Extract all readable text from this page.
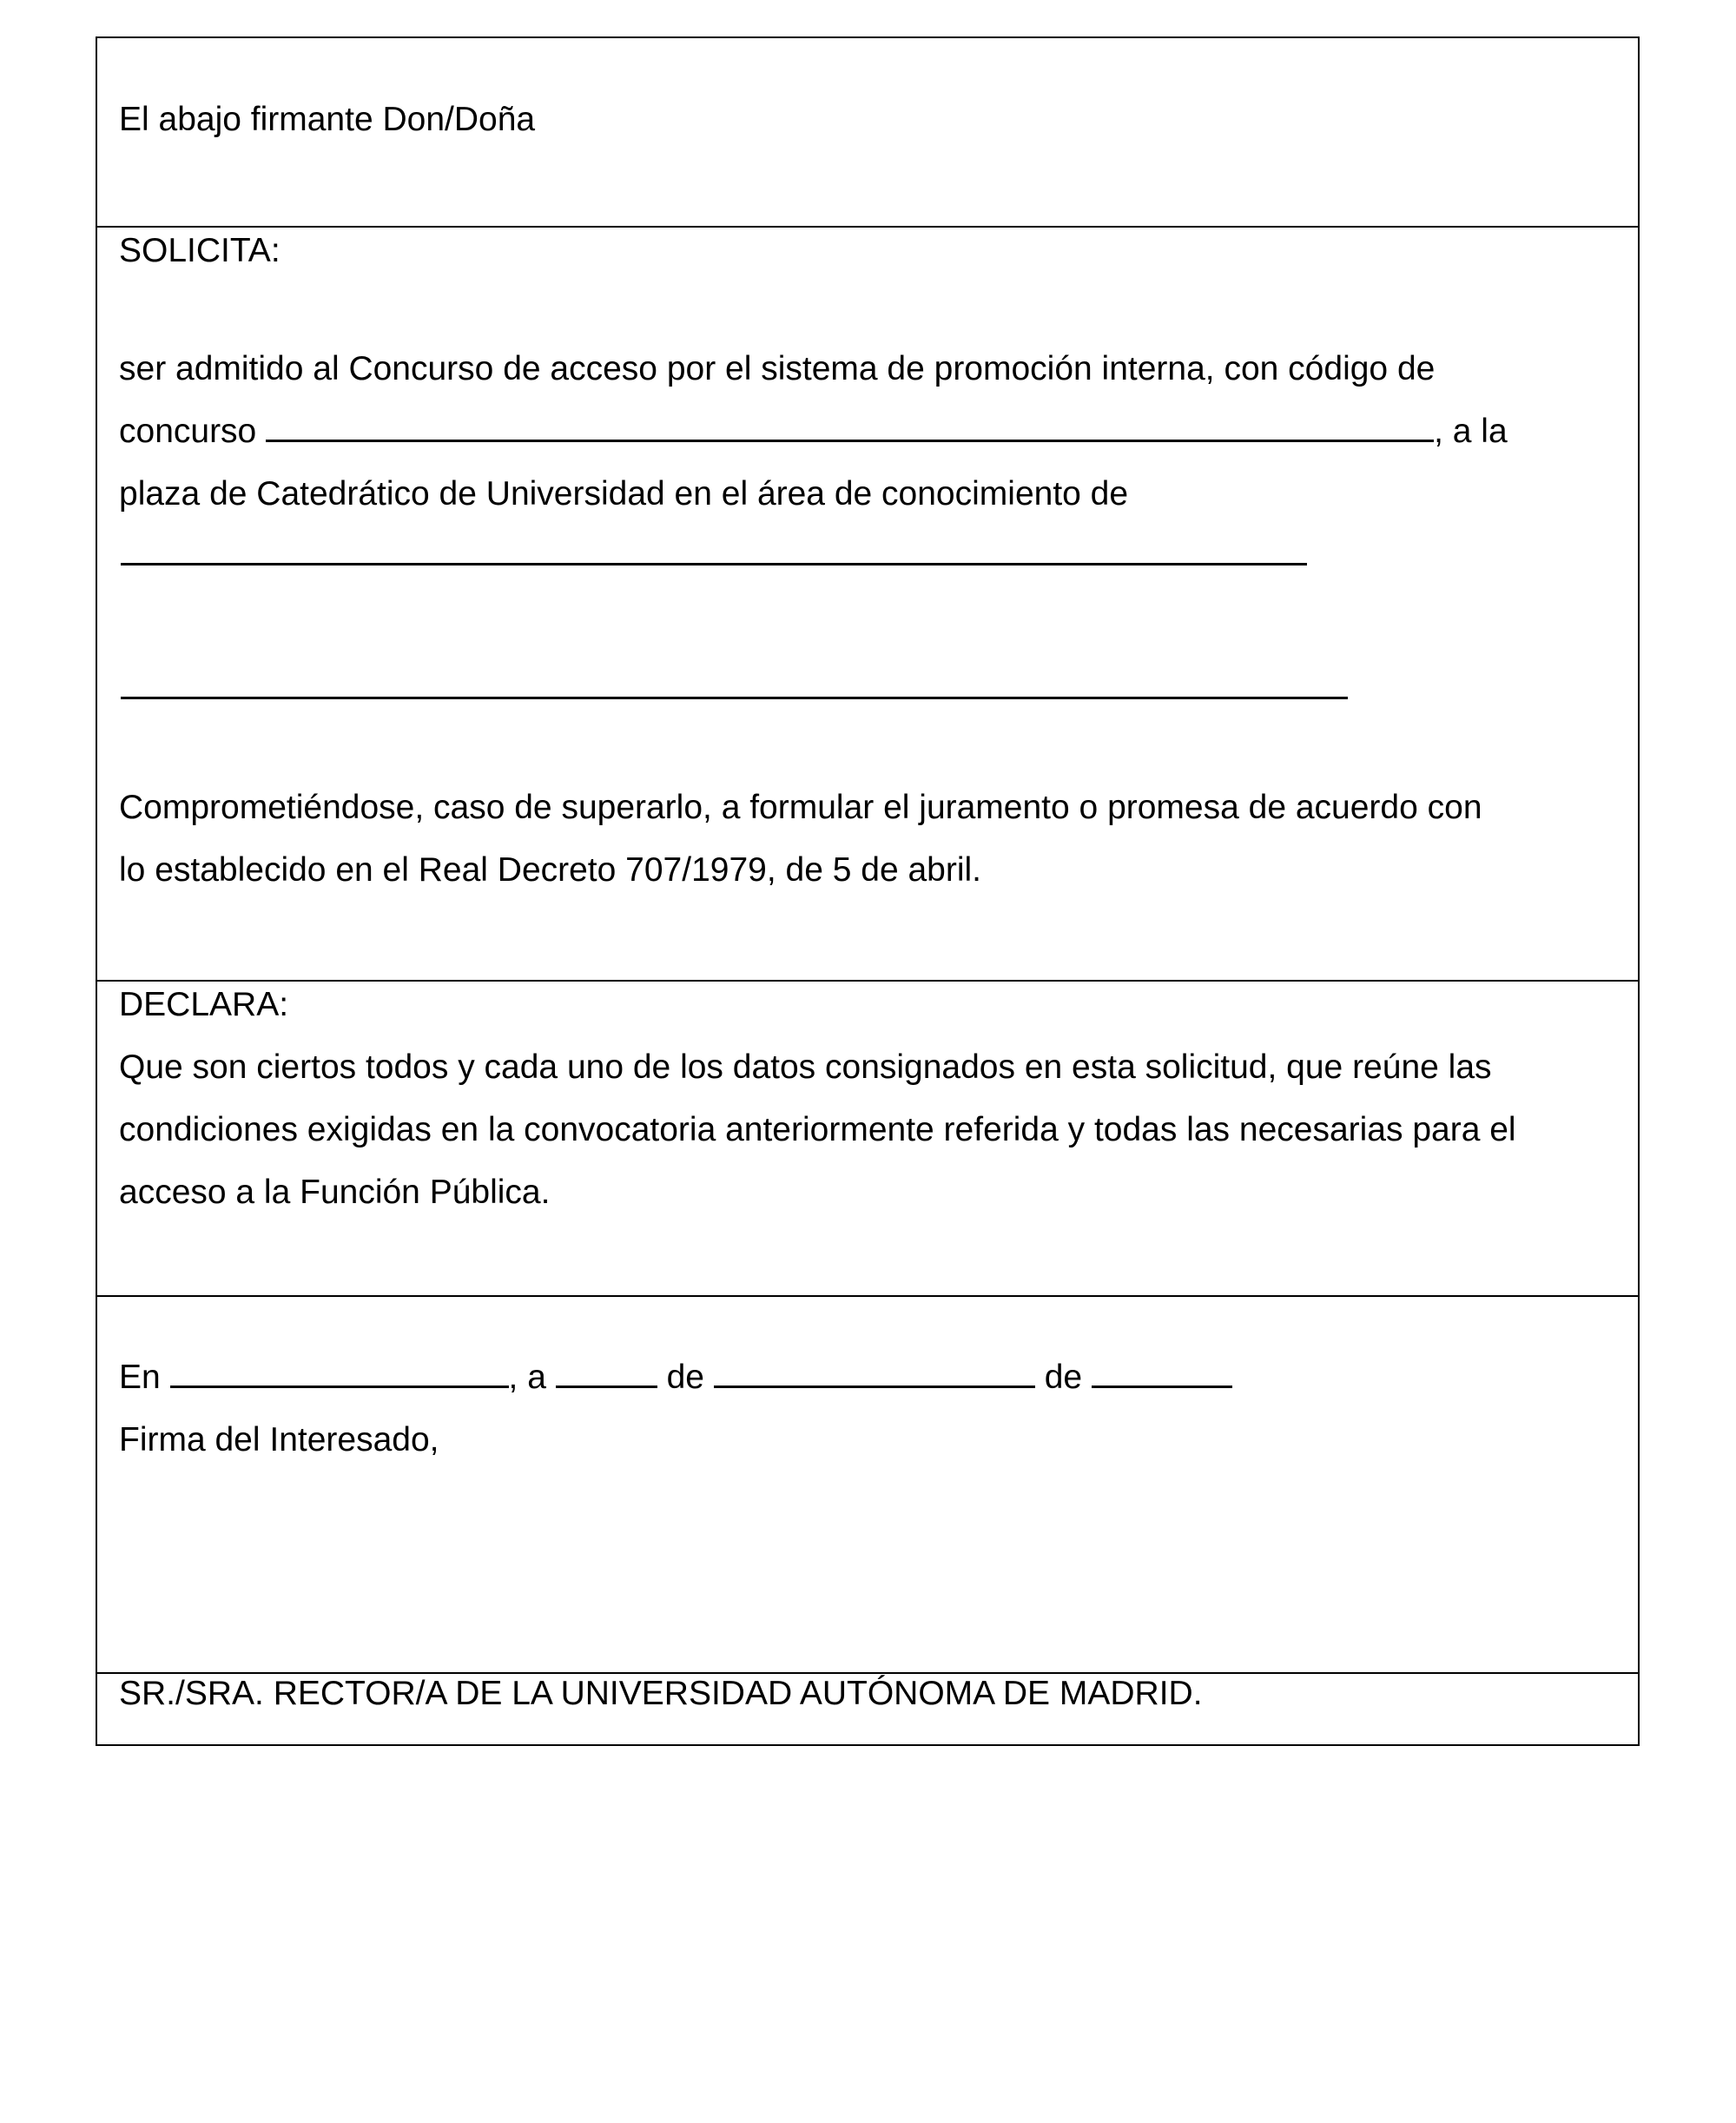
El abajo firmante Don/Doña

SOLICITA:

ser admitido al Concurso de acceso por el sistema de promoción interna, con código de

concurso	, a la

plaza de Catedrático de Universidad en el área de conocimiento de

Comprometiéndose, caso de superarlo, a formular el juramento o promesa de acuerdo con

lo establecido en el Real Decreto 707/1979, de 5 de abril.

DECLARA:

Que son ciertos todos y cada uno de los datos consignados en esta solicitud, que reúne las

condiciones exigidas en la convocatoria anteriormente referida y todas las necesarias para el

acceso a la Función Pública.

En	, a	de	de

Firma del Interesado,

SR./SRA. RECTOR/A DE LA UNIVERSIDAD AUTÓNOMA DE MADRID.
